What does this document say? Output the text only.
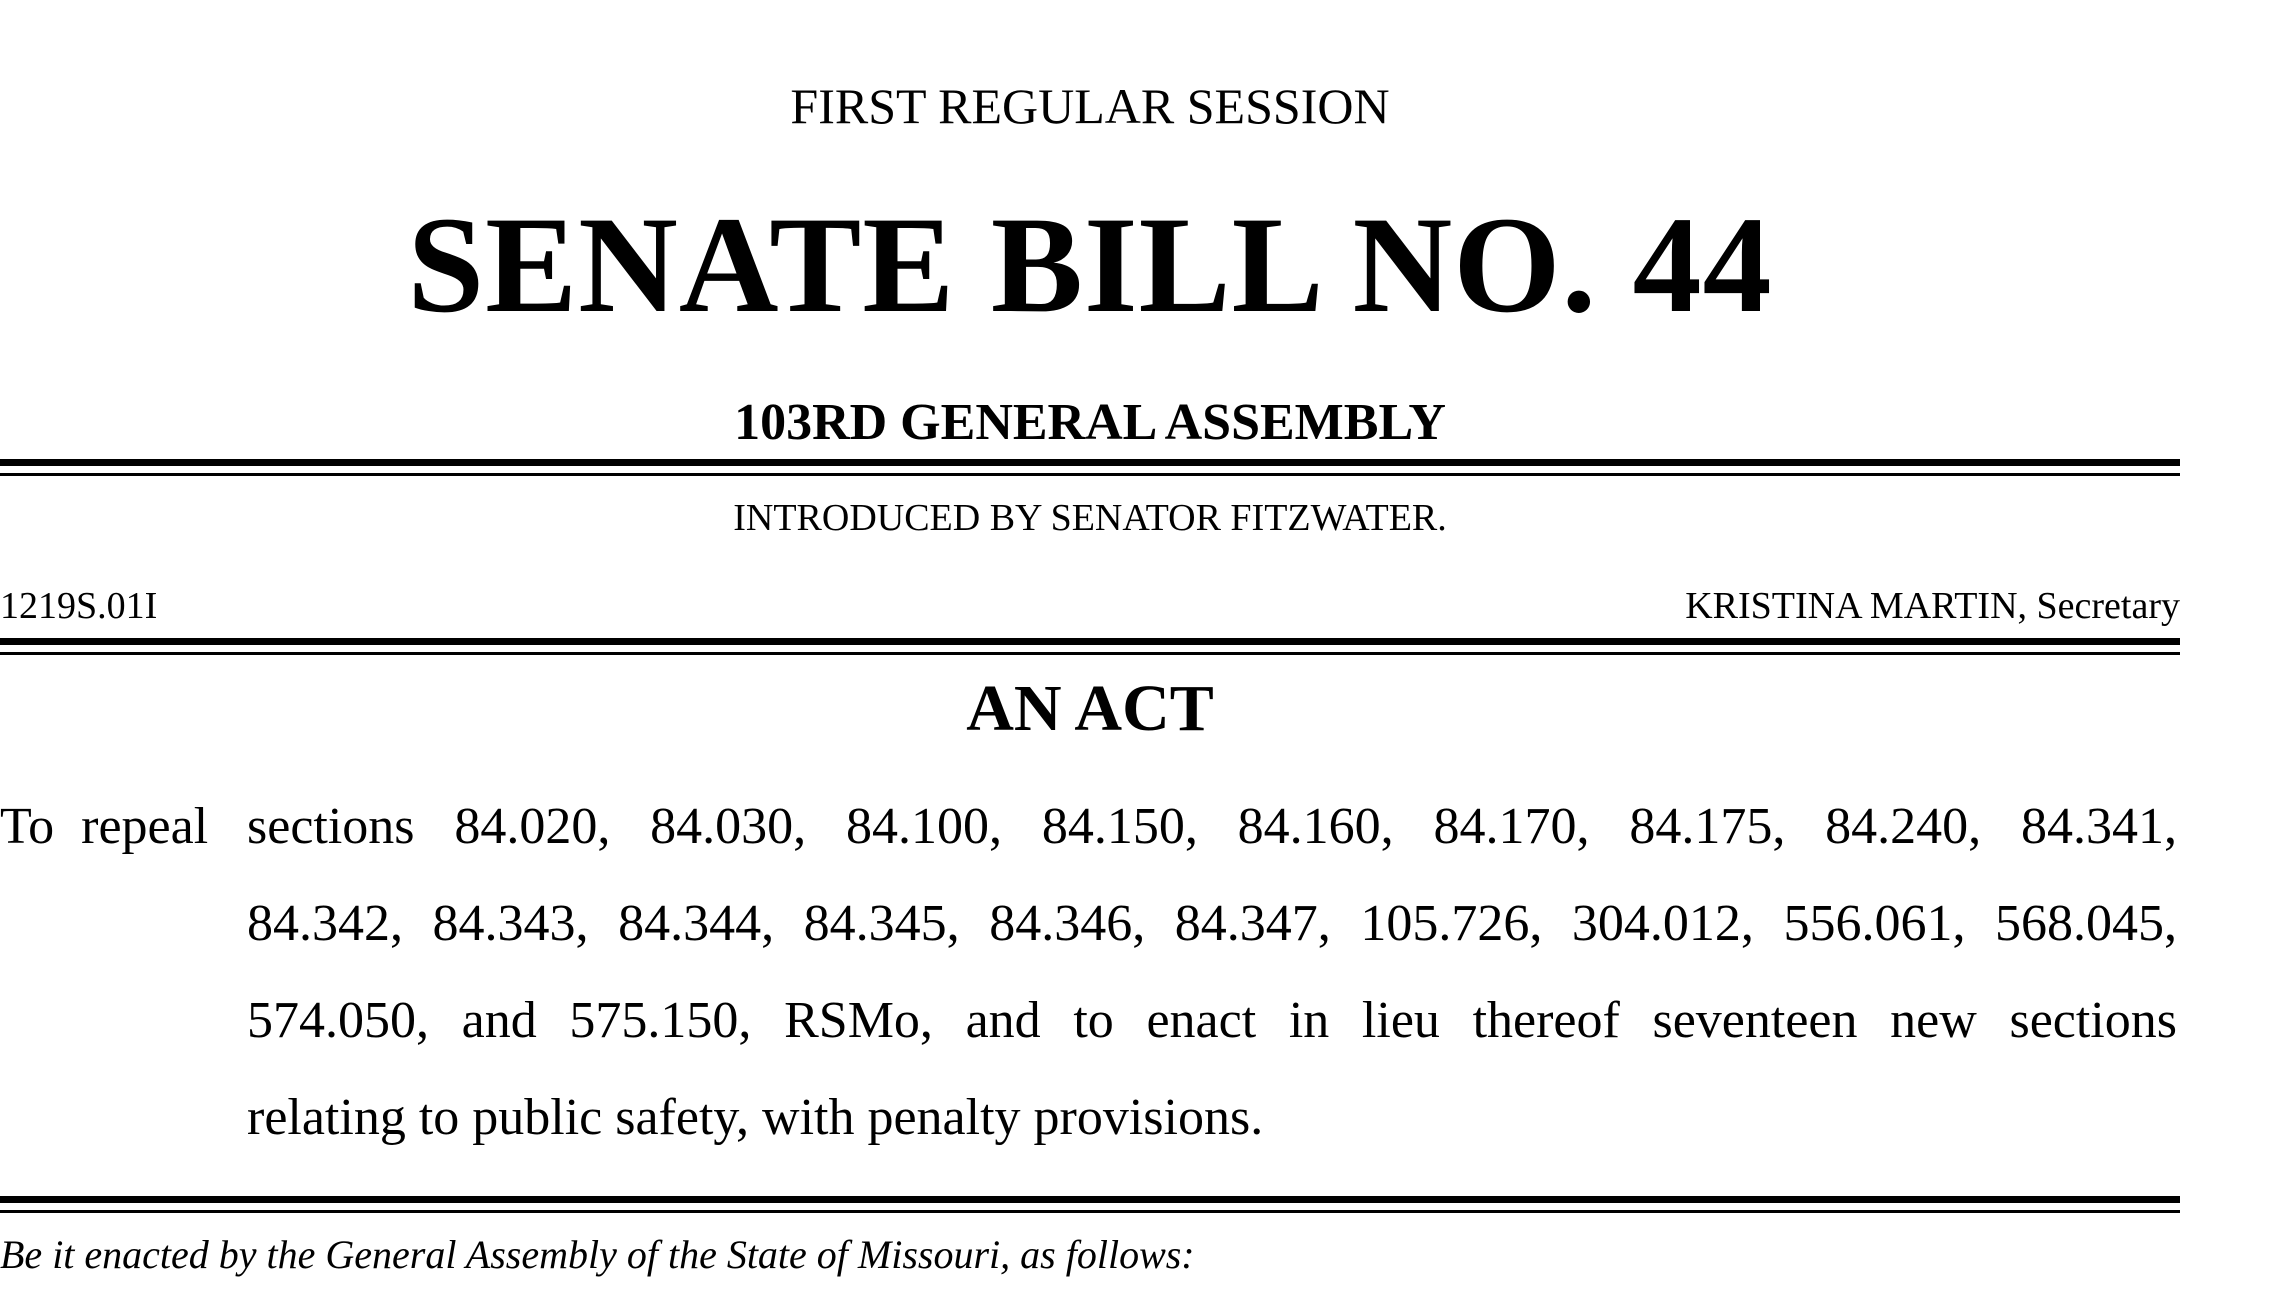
FIRST REGULAR SESSION
SENATE BILL NO. 44
103RD GENERAL ASSEMBLY
INTRODUCED BY SENATOR FITZWATER.
1219S.01I	KRISTINA MARTIN, Secretary
AN ACT
To repeal sections 84.020, 84.030, 84.100, 84.150, 84.160, 84.170, 84.175, 84.240, 84.341,
84.342, 84.343, 84.344, 84.345, 84.346, 84.347, 105.726, 304.012, 556.061, 568.045,
574.050, and 575.150, RSMo, and to enact in lieu thereof seventeen new sections
relating to public safety, with penalty provisions.
Be it enacted by the General Assembly of the State of Missouri, as follows:
